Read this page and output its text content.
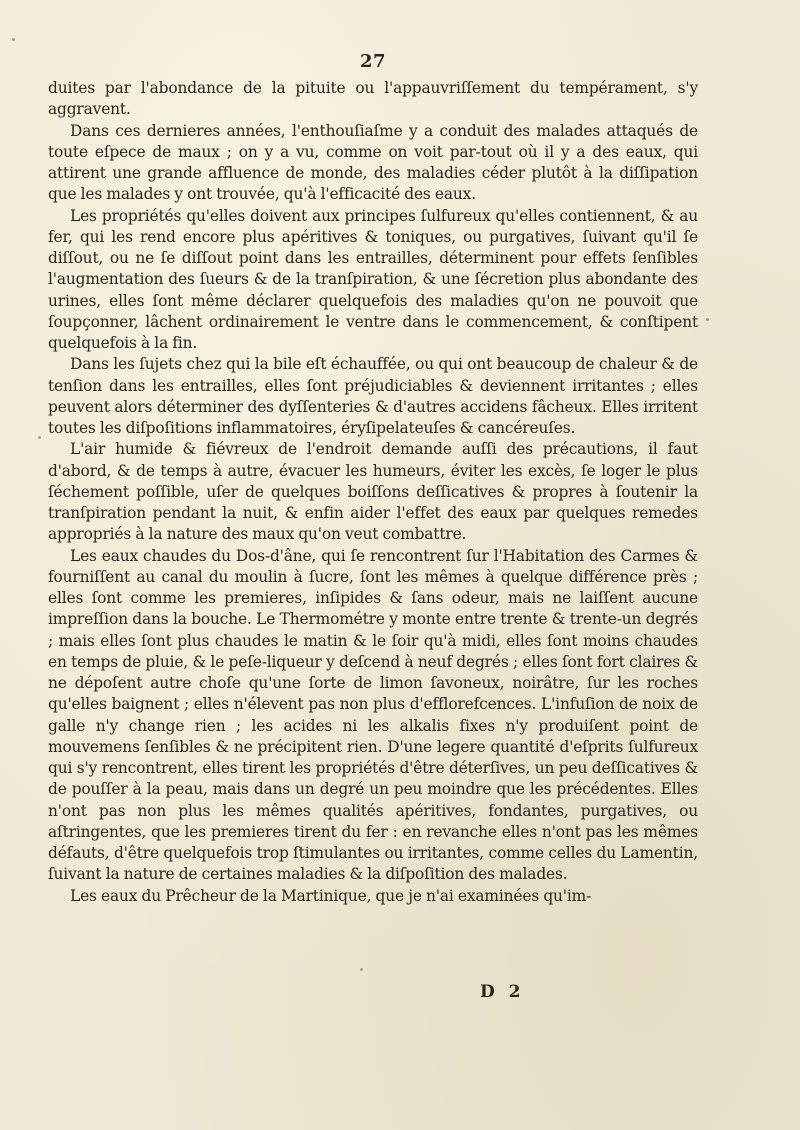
27

duites par l'abondance de la pituite ou l'appauvriſſement du tempérament, s'y aggravent.

Dans ces dernieres années, l'enthouſiaſme y a conduit des malades attaqués de toute eſpece de maux ; on y a vu, comme on voit par-tout où il y a des eaux, qui attirent une grande affluence de monde, des maladies céder plutôt à la diſſipation que les malades y ont trouvée, qu'à l'efficacité des eaux.

Les propriétés qu'elles doivent aux principes ſulfureux qu'elles contiennent, & au fer, qui les rend encore plus apéritives & toniques, ou purgatives, ſuivant qu'il ſe diſſout, ou ne ſe diſſout point dans les entrailles, déterminent pour effets ſenſibles l'augmentation des ſueurs & de la tranſpiration, & une ſécretion plus abondante des urines, elles ſont même déclarer quelquefois des maladies qu'on ne pouvoit que ſoupçonner, lâchent ordinairement le ventre dans le commencement, & conſtipent quelquefois à la fin.

Dans les ſujets chez qui la bile eſt échauffée, ou qui ont beaucoup de chaleur & de tenſion dans les entrailles, elles ſont préjudiciables & deviennent irritantes ; elles peuvent alors déterminer des dyſſenteries & d'autres accidens fâcheux. Elles irritent toutes les diſpoſitions inflammatoires, éryſipelateuſes & cancéreuſes.

L'air humide & fiévreux de l'endroit demande auſſi des précautions, il faut d'abord, & de temps à autre, évacuer les humeurs, éviter les excès, ſe loger le plus ſéchement poſſible, uſer de quelques boiſſons deſſicatives & propres à ſoutenir la tranſpiration pendant la nuit, & enfin aider l'effet des eaux par quelques remedes appropriés à la nature des maux qu'on veut combattre.

Les eaux chaudes du Dos-d'âne, qui ſe rencontrent ſur l'Habitation des Carmes & fourniſſent au canal du moulin à ſucre, ſont les mêmes à quelque différence près ; elles ſont comme les premieres, inſipides & ſans odeur, mais ne laiſſent aucune impreſſion dans la bouche. Le Thermométre y monte entre trente & trente-un degrés ; mais elles ſont plus chaudes le matin & le ſoir qu'à midi, elles ſont moins chaudes en temps de pluie, & le peſe-liqueur y deſcend à neuf degrés ; elles ſont fort claires & ne dépoſent autre choſe qu'une ſorte de limon ſavoneux, noirâtre, ſur les roches qu'elles baignent ; elles n'élevent pas non plus d'efflorefcences. L'infuſion de noix de galle n'y change rien ; les acides ni les alkalis fixes n'y produiſent point de mouvemens ſenſibles & ne précipitent rien. D'une legere quantité d'eſprits ſulfureux qui s'y rencontrent, elles tirent les propriétés d'être déterſives, un peu deſſicatives & de pouſſer à la peau, mais dans un degré un peu moindre que les précédentes. Elles n'ont pas non plus les mêmes qualités apéritives, fondantes, purgatives, ou aſtringentes, que les premieres tirent du fer : en revanche elles n'ont pas les mêmes défauts, d'être quelquefois trop ſtimulantes ou irritantes, comme celles du Lamentin, ſuivant la nature de certaines maladies & la diſpoſition des malades.

Les eaux du Prêcheur de la Martinique, que je n'ai examinées qu'im-

D 2
